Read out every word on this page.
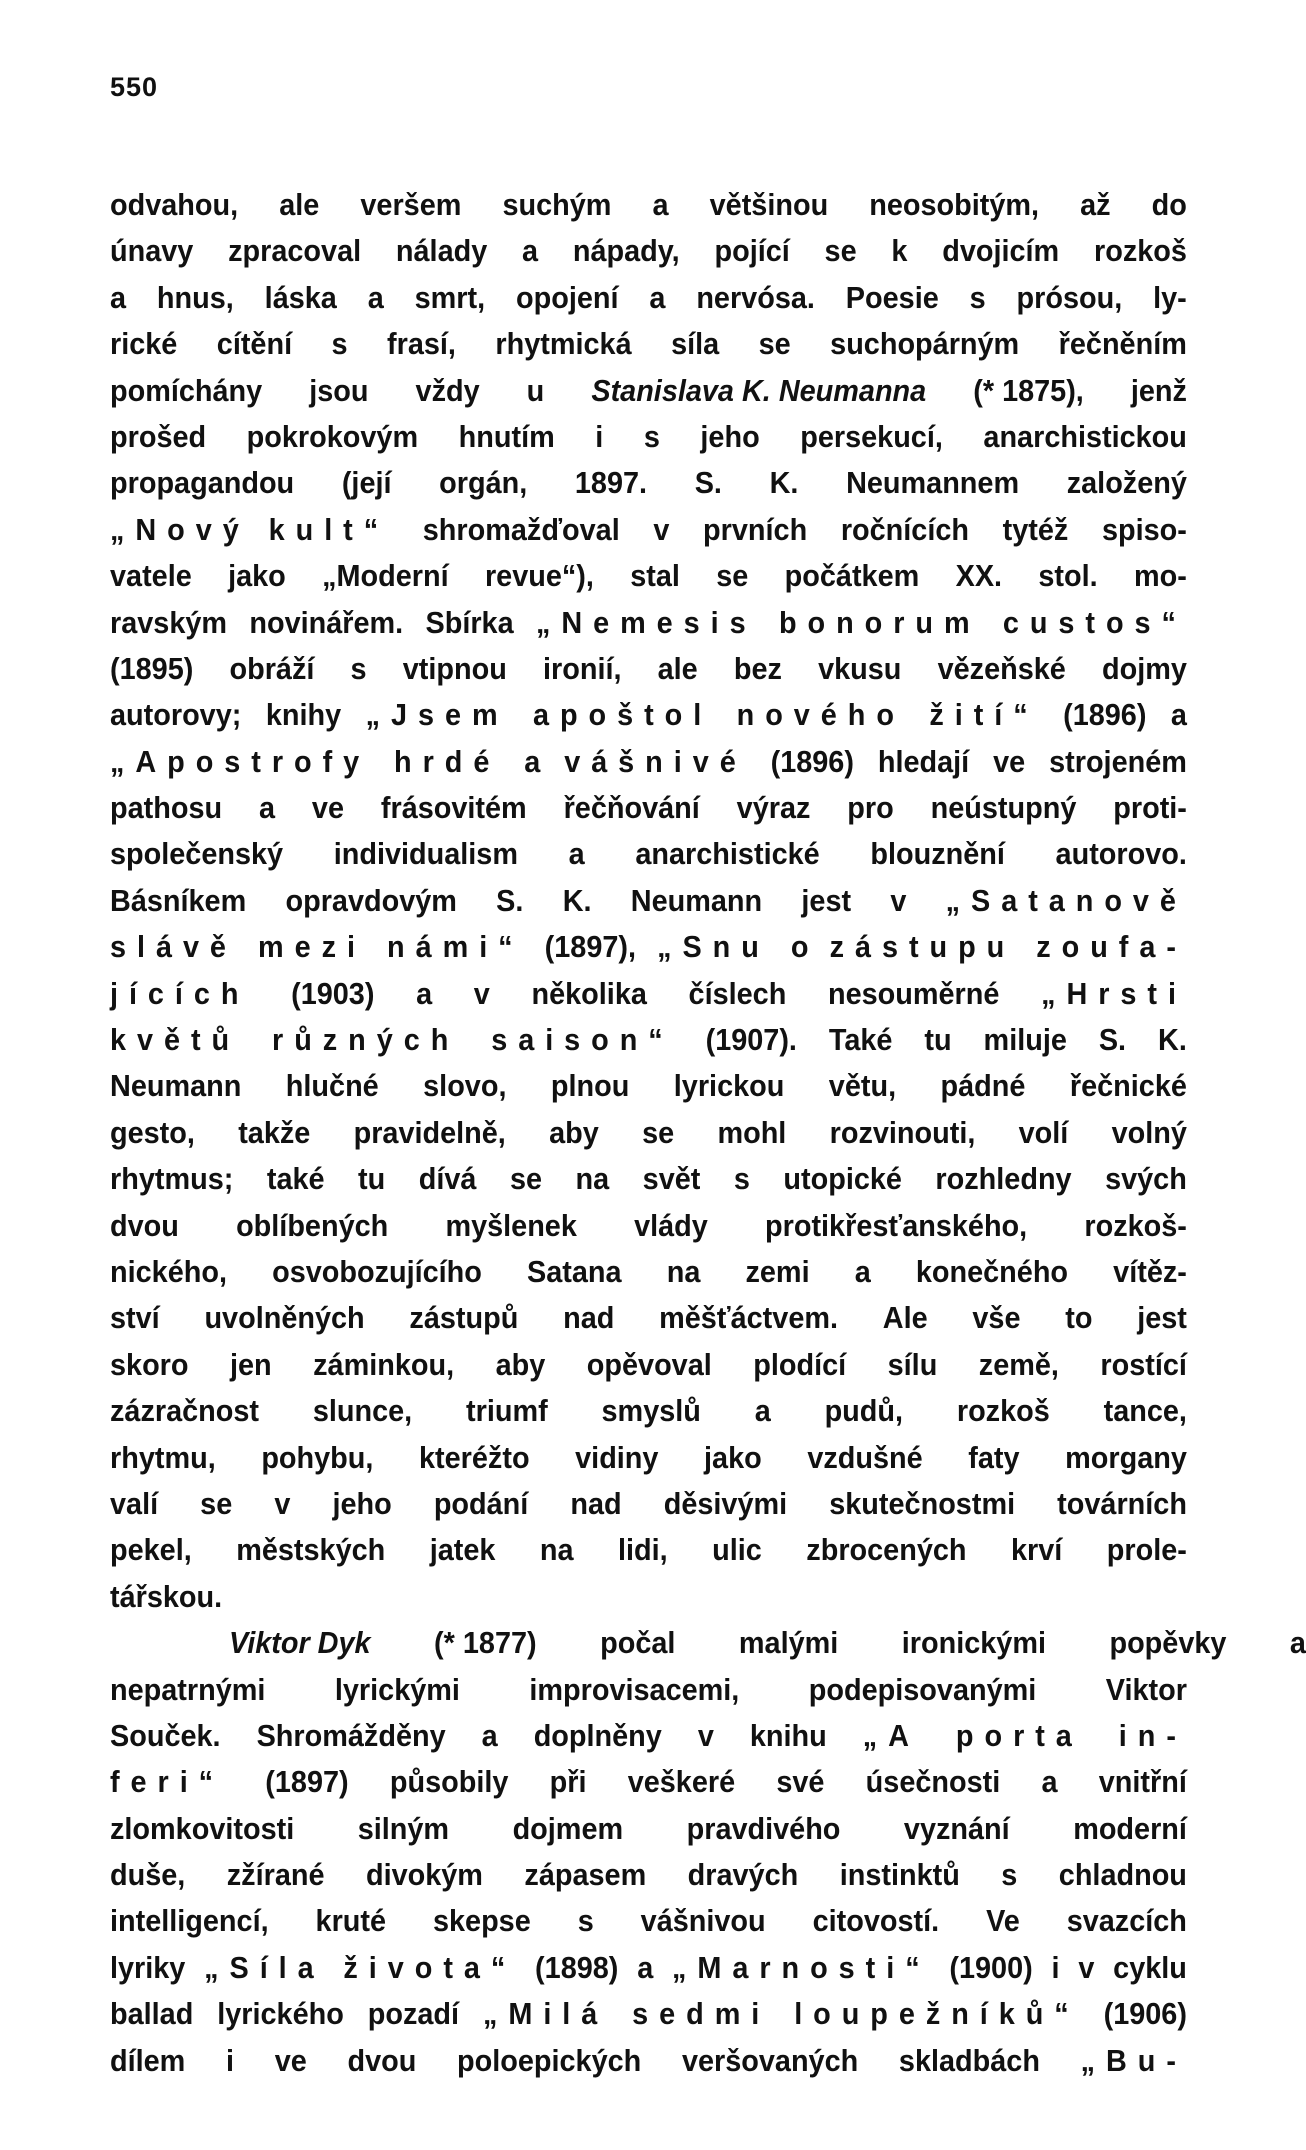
550
odvahou, ale veršem suchým a většinou neosobitým, až do
únavy zpracoval nálady a nápady, pojící se k dvojicím rozkoš
a hnus, láska a smrt, opojení a nervósa. Poesie s prósou, ly-
rické cítění s frasí, rhytmická síla se suchopárným řečněním
pomíchány jsou vždy u Stanislava K. Neumanna (* 1875), jenž
prošed pokrokovým hnutím i s jeho persekucí, anarchistickou
propagandou (její orgán, 1897. S. K. Neumannem založený
„Nový kult“ shromažďoval v prvních ročnících tytéž spiso-
vatele jako „Moderní revue“), stal se počátkem XX. stol. mo-
ravským novinářem. Sbírka „Nemesis bonorum custos“
(1895) obráží s vtipnou ironií, ale bez vkusu vězeňské dojmy
autorovy; knihy „Jsem apoštol nového žití“ (1896) a
„Apostrofy hrdé a vášnivé (1896) hledají ve strojeném
pathosu a ve frásovitém řečňování výraz pro neústupný proti-
společenský individualism a anarchistické blouznění autorovo.
Básníkem opravdovým S. K. Neumann jest v „Satanově
slávě mezi námi“ (1897), „Snu o zástupu zoufa-
jících (1903) a v několika číslech nesouměrné „Hrsti
květů různých saison“ (1907). Také tu miluje S. K.
Neumann hlučné slovo, plnou lyrickou větu, pádné řečnické
gesto, takže pravidelně, aby se mohl rozvinouti, volí volný
rhytmus; také tu dívá se na svět s utopické rozhledny svých
dvou oblíbených myšlenek vlády protikřesťanského, rozkoš-
nického, osvobozujícího Satana na zemi a konečného vítěz-
ství uvolněných zástupů nad měšťáctvem. Ale vše to jest
skoro jen záminkou, aby opěvoval plodící sílu země, rostící
zázračnost slunce, triumf smyslů a pudů, rozkoš tance,
rhytmu, pohybu, kteréžto vidiny jako vzdušné faty morgany
valí se v jeho podání nad děsivými skutečnostmi továrních
pekel, městských jatek na lidi, ulic zbrocených krví prole-
tářskou.
Viktor Dyk (* 1877) počal malými ironickými popěvky a
nepatrnými lyrickými improvisacemi, podepisovanými Viktor
Souček. Shromážděny a doplněny v knihu „A porta in-
feri“ (1897) působily při veškeré své úsečnosti a vnitřní
zlomkovitosti silným dojmem pravdivého vyznání moderní
duše, zžírané divokým zápasem dravých instinktů s chladnou
intelligencí, kruté skepse s vášnivou citovostí. Ve svazcích
lyriky „Síla života“ (1898) a „Marnosti“ (1900) i v cyklu
ballad lyrického pozadí „Milá sedmi loupežníků“ (1906)
dílem i ve dvou poloepických veršovaných skladbách „Bu-
